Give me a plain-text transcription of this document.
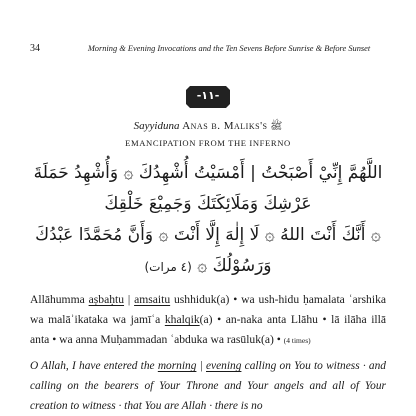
34	Morning & Evening Invocations and the Ten Sevens Before Sunrise & Before Sunset
-١١-
Sayyiduna Anas b. Maliks's ﷺ
EMANCIPATION FROM THE INFERNO
اللَّهُمَّ إِنِّيْ أَصْبَحْتُ | أَمْسَيْتُ أُشْهِدُكَ ۞ وَأُشْهِدُ حَمَلَةَ
عَرْشِكَ وَمَلَائِكَتَكَ وَجَمِيْعَ خَلْقِكَ
۞ أَنَّكَ أَنْتَ اللهُ ۞ لَا إِلٰهَ إِلَّا أَنْتَ ۞ وَأَنَّ مُحَمَّدًا عَبْدُكَ
وَرَسُوْلُكَ ۞ (٤ مرات)
Allāhumma aṣbaḥtu | amsaitu ushhiduk(a) • wa ush-hidu ḥamalata ʿarshika wa malāʾikataka wa jamīʿa khalqik(a) • an-naka anta Llāhu • lā ilāha illā anta • wa anna Muḥammadan ʿabduka wa rasūluk(a) • (4 times)
O Allah, I have entered the morning | evening calling on You to witness · and calling on the bearers of Your Throne and Your angels and all of Your creation to witness · that You are Allah · there is no
